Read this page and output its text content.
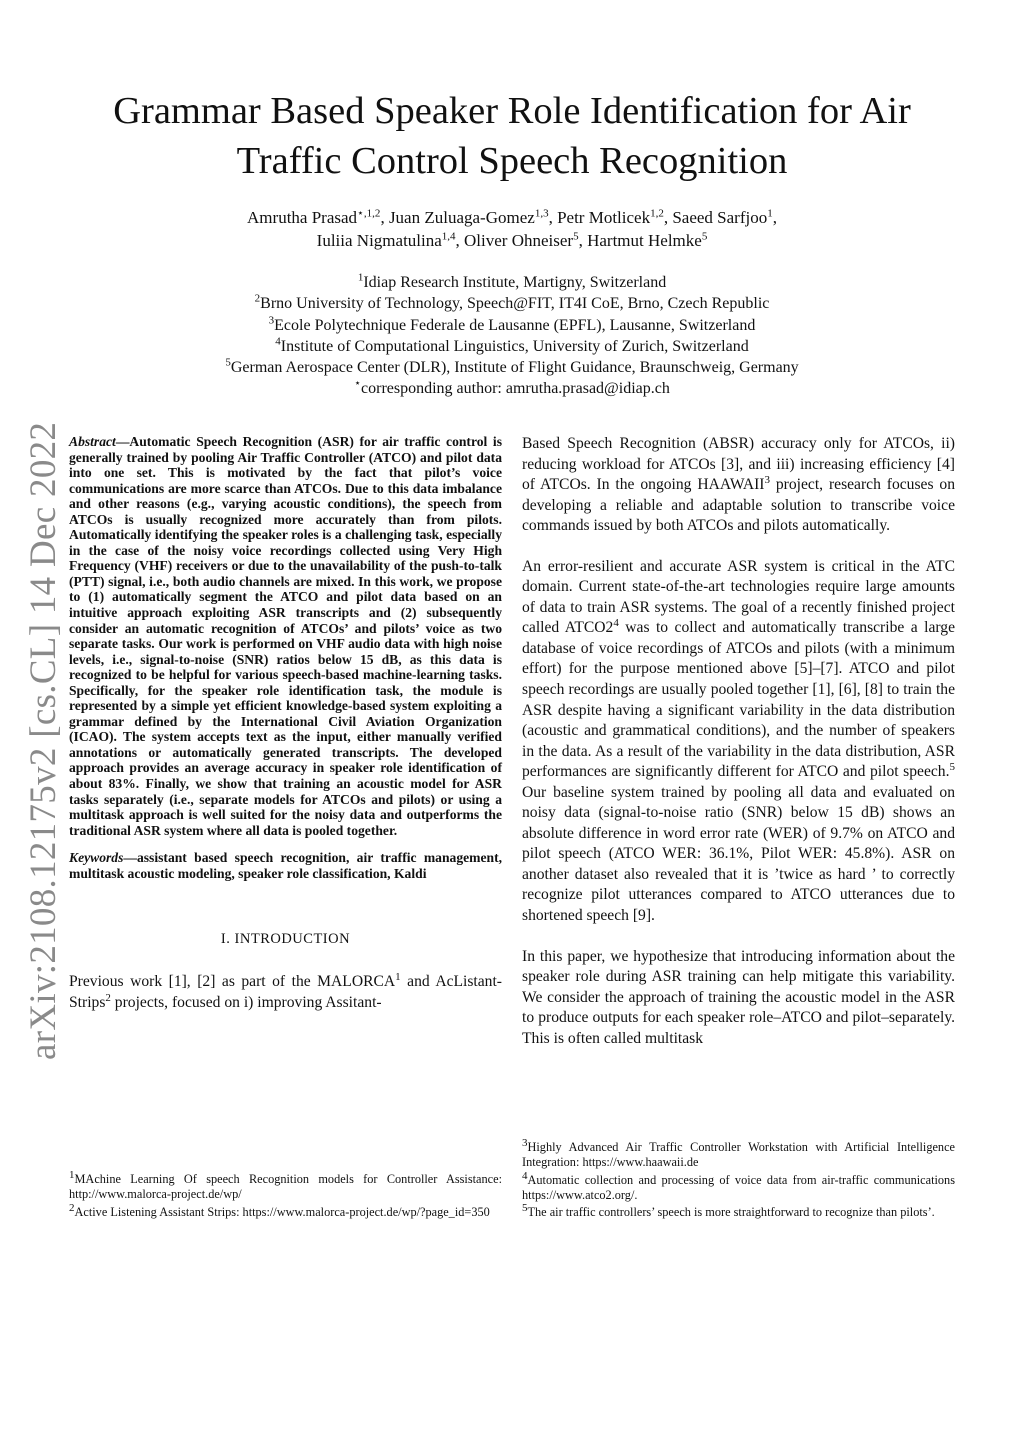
arXiv:2108.12175v2 [cs.CL] 14 Dec 2022
Grammar Based Speaker Role Identification for Air
Traffic Control Speech Recognition
Amrutha Prasad$^{⋆,1,2}$, Juan Zuluaga-Gomez$^{1,3}$, Petr Motlicek$^{1,2}$, Saeed Sarfjoo$^1$,
Iuliia Nigmatulina$^{1,4}$, Oliver Ohneiser$^5$, Hartmut Helmke$^5$
$^1$Idiap Research Institute, Martigny, Switzerland
$^2$Brno University of Technology, Speech@FIT, IT4I CoE, Brno, Czech Republic
$^3$Ecole Polytechnique Federale de Lausanne (EPFL), Lausanne, Switzerland
$^4$Institute of Computational Linguistics, University of Zurich, Switzerland
$^5$German Aerospace Center (DLR), Institute of Flight Guidance, Braunschweig, Germany
⋆corresponding author: amrutha.prasad@idiap.ch
Abstract—Automatic Speech Recognition (ASR) for air traffic control is generally trained by pooling Air Traffic Controller (ATCO) and pilot data into one set. This is motivated by the fact that pilot’s voice communications are more scarce than ATCOs. Due to this data imbalance and other reasons (e.g., varying acoustic conditions), the speech from ATCOs is usually recognized more accurately than from pilots. Automatically identifying the speaker roles is a challenging task, especially in the case of the noisy voice recordings collected using Very High Frequency (VHF) receivers or due to the unavailability of the push-to-talk (PTT) signal, i.e., both audio channels are mixed. In this work, we propose to (1) automatically segment the ATCO and pilot data based on an intuitive approach exploiting ASR transcripts and (2) subsequently consider an automatic recognition of ATCOs’ and pilots’ voice as two separate tasks. Our work is performed on VHF audio data with high noise levels, i.e., signal-to-noise (SNR) ratios below 15 dB, as this data is recognized to be helpful for various speech-based machine-learning tasks. Specifically, for the speaker role identification task, the module is represented by a simple yet efficient knowledge-based system exploiting a grammar defined by the International Civil Aviation Organization (ICAO). The system accepts text as the input, either manually verified annotations or automatically generated transcripts. The developed approach provides an average accuracy in speaker role identification of about 83%. Finally, we show that training an acoustic model for ASR tasks separately (i.e., separate models for ATCOs and pilots) or using a multitask approach is well suited for the noisy data and outperforms the traditional ASR system where all data is pooled together.
Keywords—assistant based speech recognition, air traffic management, multitask acoustic modeling, speaker role classification, Kaldi
I. INTRODUCTION
Previous work [1], [2] as part of the MALORCA$^1$ and AcListant-Strips$^2$ projects, focused on i) improving Assitant-
$^1$MAchine Learning Of speech Recognition models for Controller Assistance: http://www.malorca-project.de/wp/
$^2$Active Listening Assistant Strips: https://www.malorca-project.de/wp/?page_id=350
Based Speech Recognition (ABSR) accuracy only for ATCOs, ii) reducing workload for ATCOs [3], and iii) increasing efficiency [4] of ATCOs. In the ongoing HAAWAII$^3$ project, research focuses on developing a reliable and adaptable solution to transcribe voice commands issued by both ATCOs and pilots automatically.
An error-resilient and accurate ASR system is critical in the ATC domain. Current state-of-the-art technologies require large amounts of data to train ASR systems. The goal of a recently finished project called $ATCO2^4$ was to collect and automatically transcribe a large database of voice recordings of ATCOs and pilots (with a minimum effort) for the purpose mentioned above [5]–[7]. ATCO and pilot speech recordings are usually pooled together [1], [6], [8] to train the ASR despite having a significant variability in the data distribution (acoustic and grammatical conditions), and the number of speakers in the data. As a result of the variability in the data distribution, ASR performances are significantly different for ATCO and pilot speech.$^5$ Our baseline system trained by pooling all data and evaluated on noisy data (signal-to-noise ratio (SNR) below 15 dB) shows an absolute difference in word error rate (WER) of 9.7% on ATCO and pilot speech (ATCO WER: 36.1%, Pilot WER: 45.8%). ASR on another dataset also revealed that it is ’twice as hard ’ to correctly recognize pilot utterances compared to ATCO utterances due to shortened speech [9].
In this paper, we hypothesize that introducing information about the speaker role during ASR training can help mitigate this variability. We consider the approach of training the acoustic model in the ASR to produce outputs for each speaker role–ATCO and pilot–separately. This is often called multitask
$^3$Highly Advanced Air Traffic Controller Workstation with Artificial Intelligence Integration: https://www.haawaii.de
$^4$Automatic collection and processing of voice data from air-traffic communications https://www.atco2.org/.
$^5$The air traffic controllers’ speech is more straightforward to recognize than pilots’.
